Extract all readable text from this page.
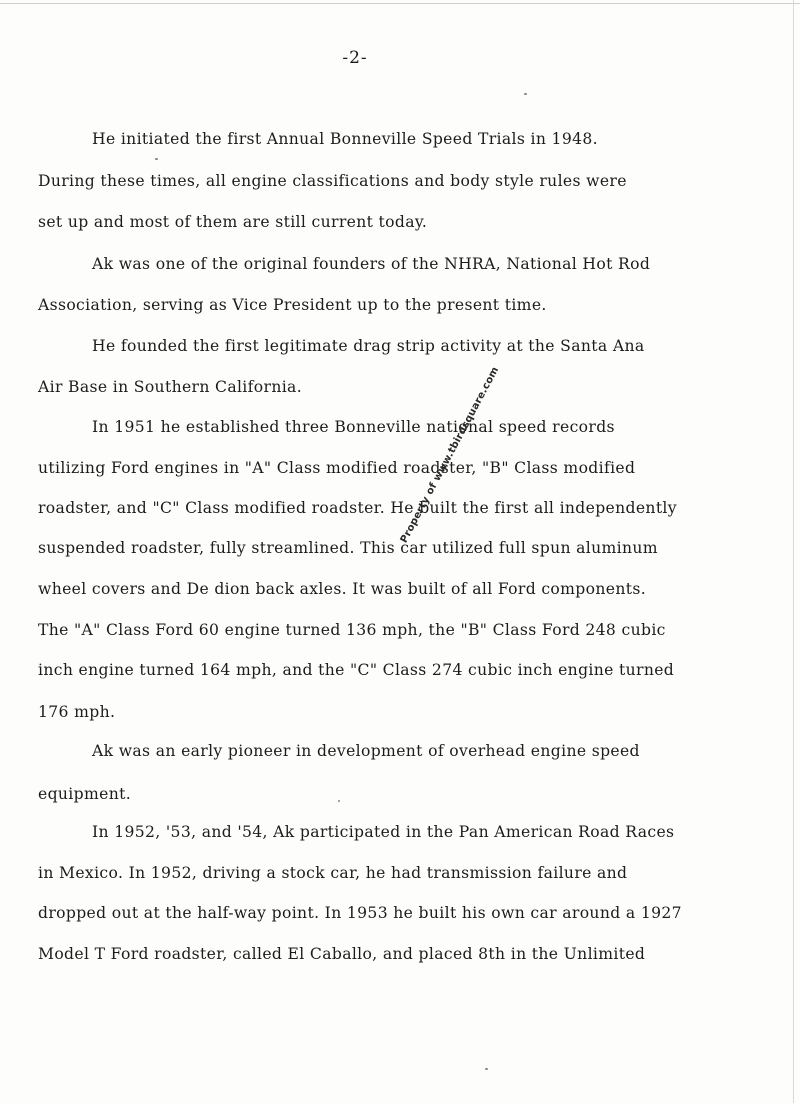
-2-
He initiated the first Annual Bonneville Speed Trials in 1948.
During these times, all engine classifications and body style rules were
set up and most of them are still current today.
Ak was one of the original founders of the NHRA, National Hot Rod
Association, serving as Vice President up to the present time.
He founded the first legitimate drag strip activity at the Santa Ana
Air Base in Southern California.
In 1951 he established three Bonneville national speed records
utilizing Ford engines in "A" Class modified roadster, "B" Class modified
roadster, and "C" Class modified roadster. He built the first all independently
suspended roadster, fully streamlined. This car utilized full spun aluminum
wheel covers and De dion back axles. It was built of all Ford components.
The "A" Class Ford 60 engine turned 136 mph, the "B" Class Ford 248 cubic
inch engine turned 164 mph, and the "C" Class 274 cubic inch engine turned
176 mph.
Ak was an early pioneer in development of overhead engine speed
equipment.
In 1952, '53, and '54, Ak participated in the Pan American Road Races
in Mexico. In 1952, driving a stock car, he had transmission failure and
dropped out at the half-way point. In 1953 he built his own car around a 1927
Model T Ford roadster, called El Caballo, and placed 8th in the Unlimited
Property of www.tbirdsquare.com
